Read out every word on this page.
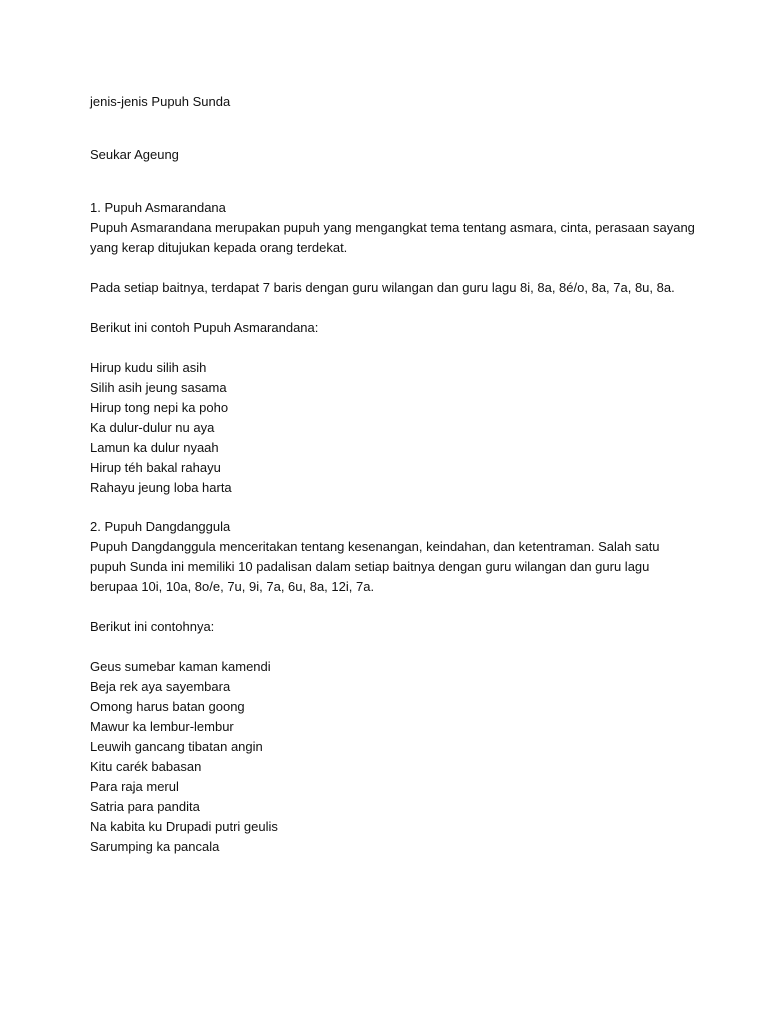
jenis-jenis Pupuh Sunda
Seukar Ageung
1. Pupuh Asmarandana
Pupuh Asmarandana merupakan pupuh yang mengangkat tema tentang asmara, cinta, perasaan sayang
yang kerap ditujukan kepada orang terdekat.
Pada setiap baitnya, terdapat 7 baris dengan guru wilangan dan guru lagu 8i, 8a, 8é/o, 8a, 7a, 8u, 8a.
Berikut ini contoh Pupuh Asmarandana:
Hirup kudu silih asih
Silih asih jeung sasama
Hirup tong nepi ka poho
Ka dulur-dulur nu aya
Lamun ka dulur nyaah
Hirup téh bakal rahayu
Rahayu jeung loba harta
2. Pupuh Dangdanggula
Pupuh Dangdanggula menceritakan tentang kesenangan, keindahan, dan ketentraman. Salah satu
pupuh Sunda ini memiliki 10 padalisan dalam setiap baitnya dengan guru wilangan dan guru lagu
berupaa 10i, 10a, 8o/e, 7u, 9i, 7a, 6u, 8a, 12i, 7a.
Berikut ini contohnya:
Geus sumebar kaman kamendi
Beja rek aya sayembara
Omong harus batan goong
Mawur ka lembur-lembur
Leuwih gancang tibatan angin
Kitu carék babasan
Para raja merul
Satria para pandita
Na kabita ku Drupadi putri geulis
Sarumping ka pancala
